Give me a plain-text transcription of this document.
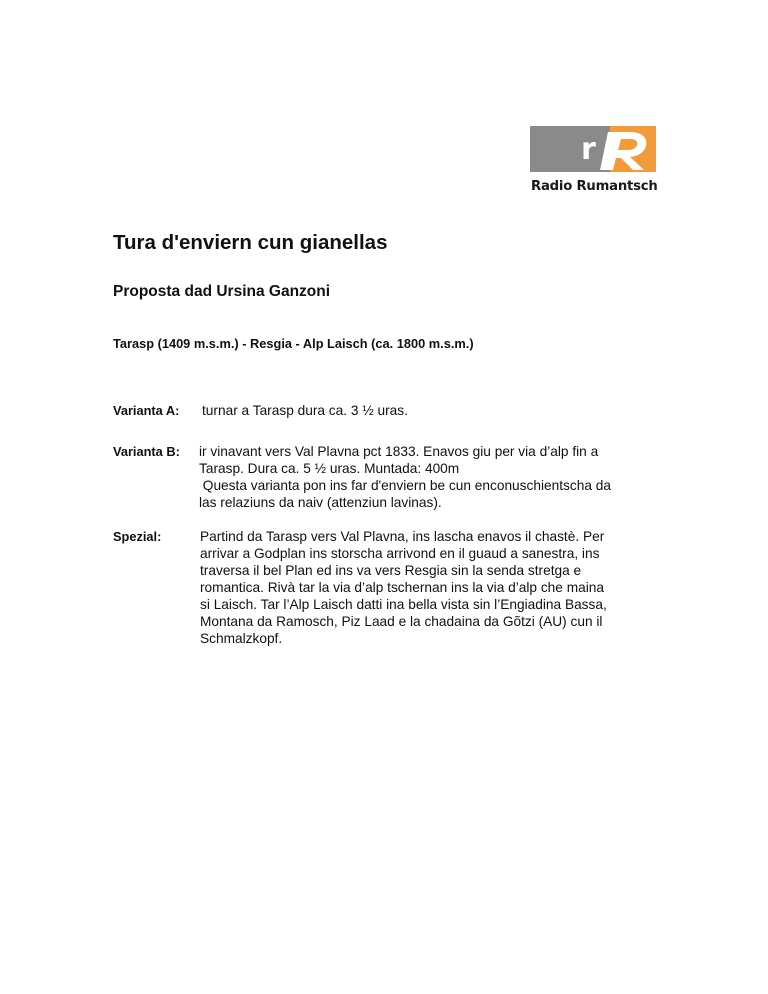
r
Radio Rumantsch
Tura d'enviern cun gianellas
Proposta dad Ursina Ganzoni

Tarasp (1409 m.s.m.) - Resgia - Alp Laisch (ca. 1800 m.s.m.)

Varianta A: turnar a Tarasp dura ca. 3 ½ uras.
Varianta B: ir vinavant vers Val Plavna pct 1833. Enavos giu per via d’alp fin a
Tarasp. Dura ca. 5 ½ uras. Muntada: 400m
Questa varianta pon ins far d'enviern be cun enconuschientscha da
las relaziuns da naiv (attenziun lavinas).
Spezial:	Partind da Tarasp vers Val Plavna, ins lascha enavos il chastè. Per
arrivar a Godplan ins storscha arrivond en il guaud a sanestra, ins
traversa il bel Plan ed ins va vers Resgia sin la senda stretga e
romantica. Rivà tar la via d’alp tschernan ins la via d’alp che maina
si Laisch. Tar l’Alp Laisch datti ina bella vista sin l’Engiadina Bassa,
Montana da Ramosch, Piz Laad e la chadaina da Gõtzi (AU) cun il
Schmalzkopf.
